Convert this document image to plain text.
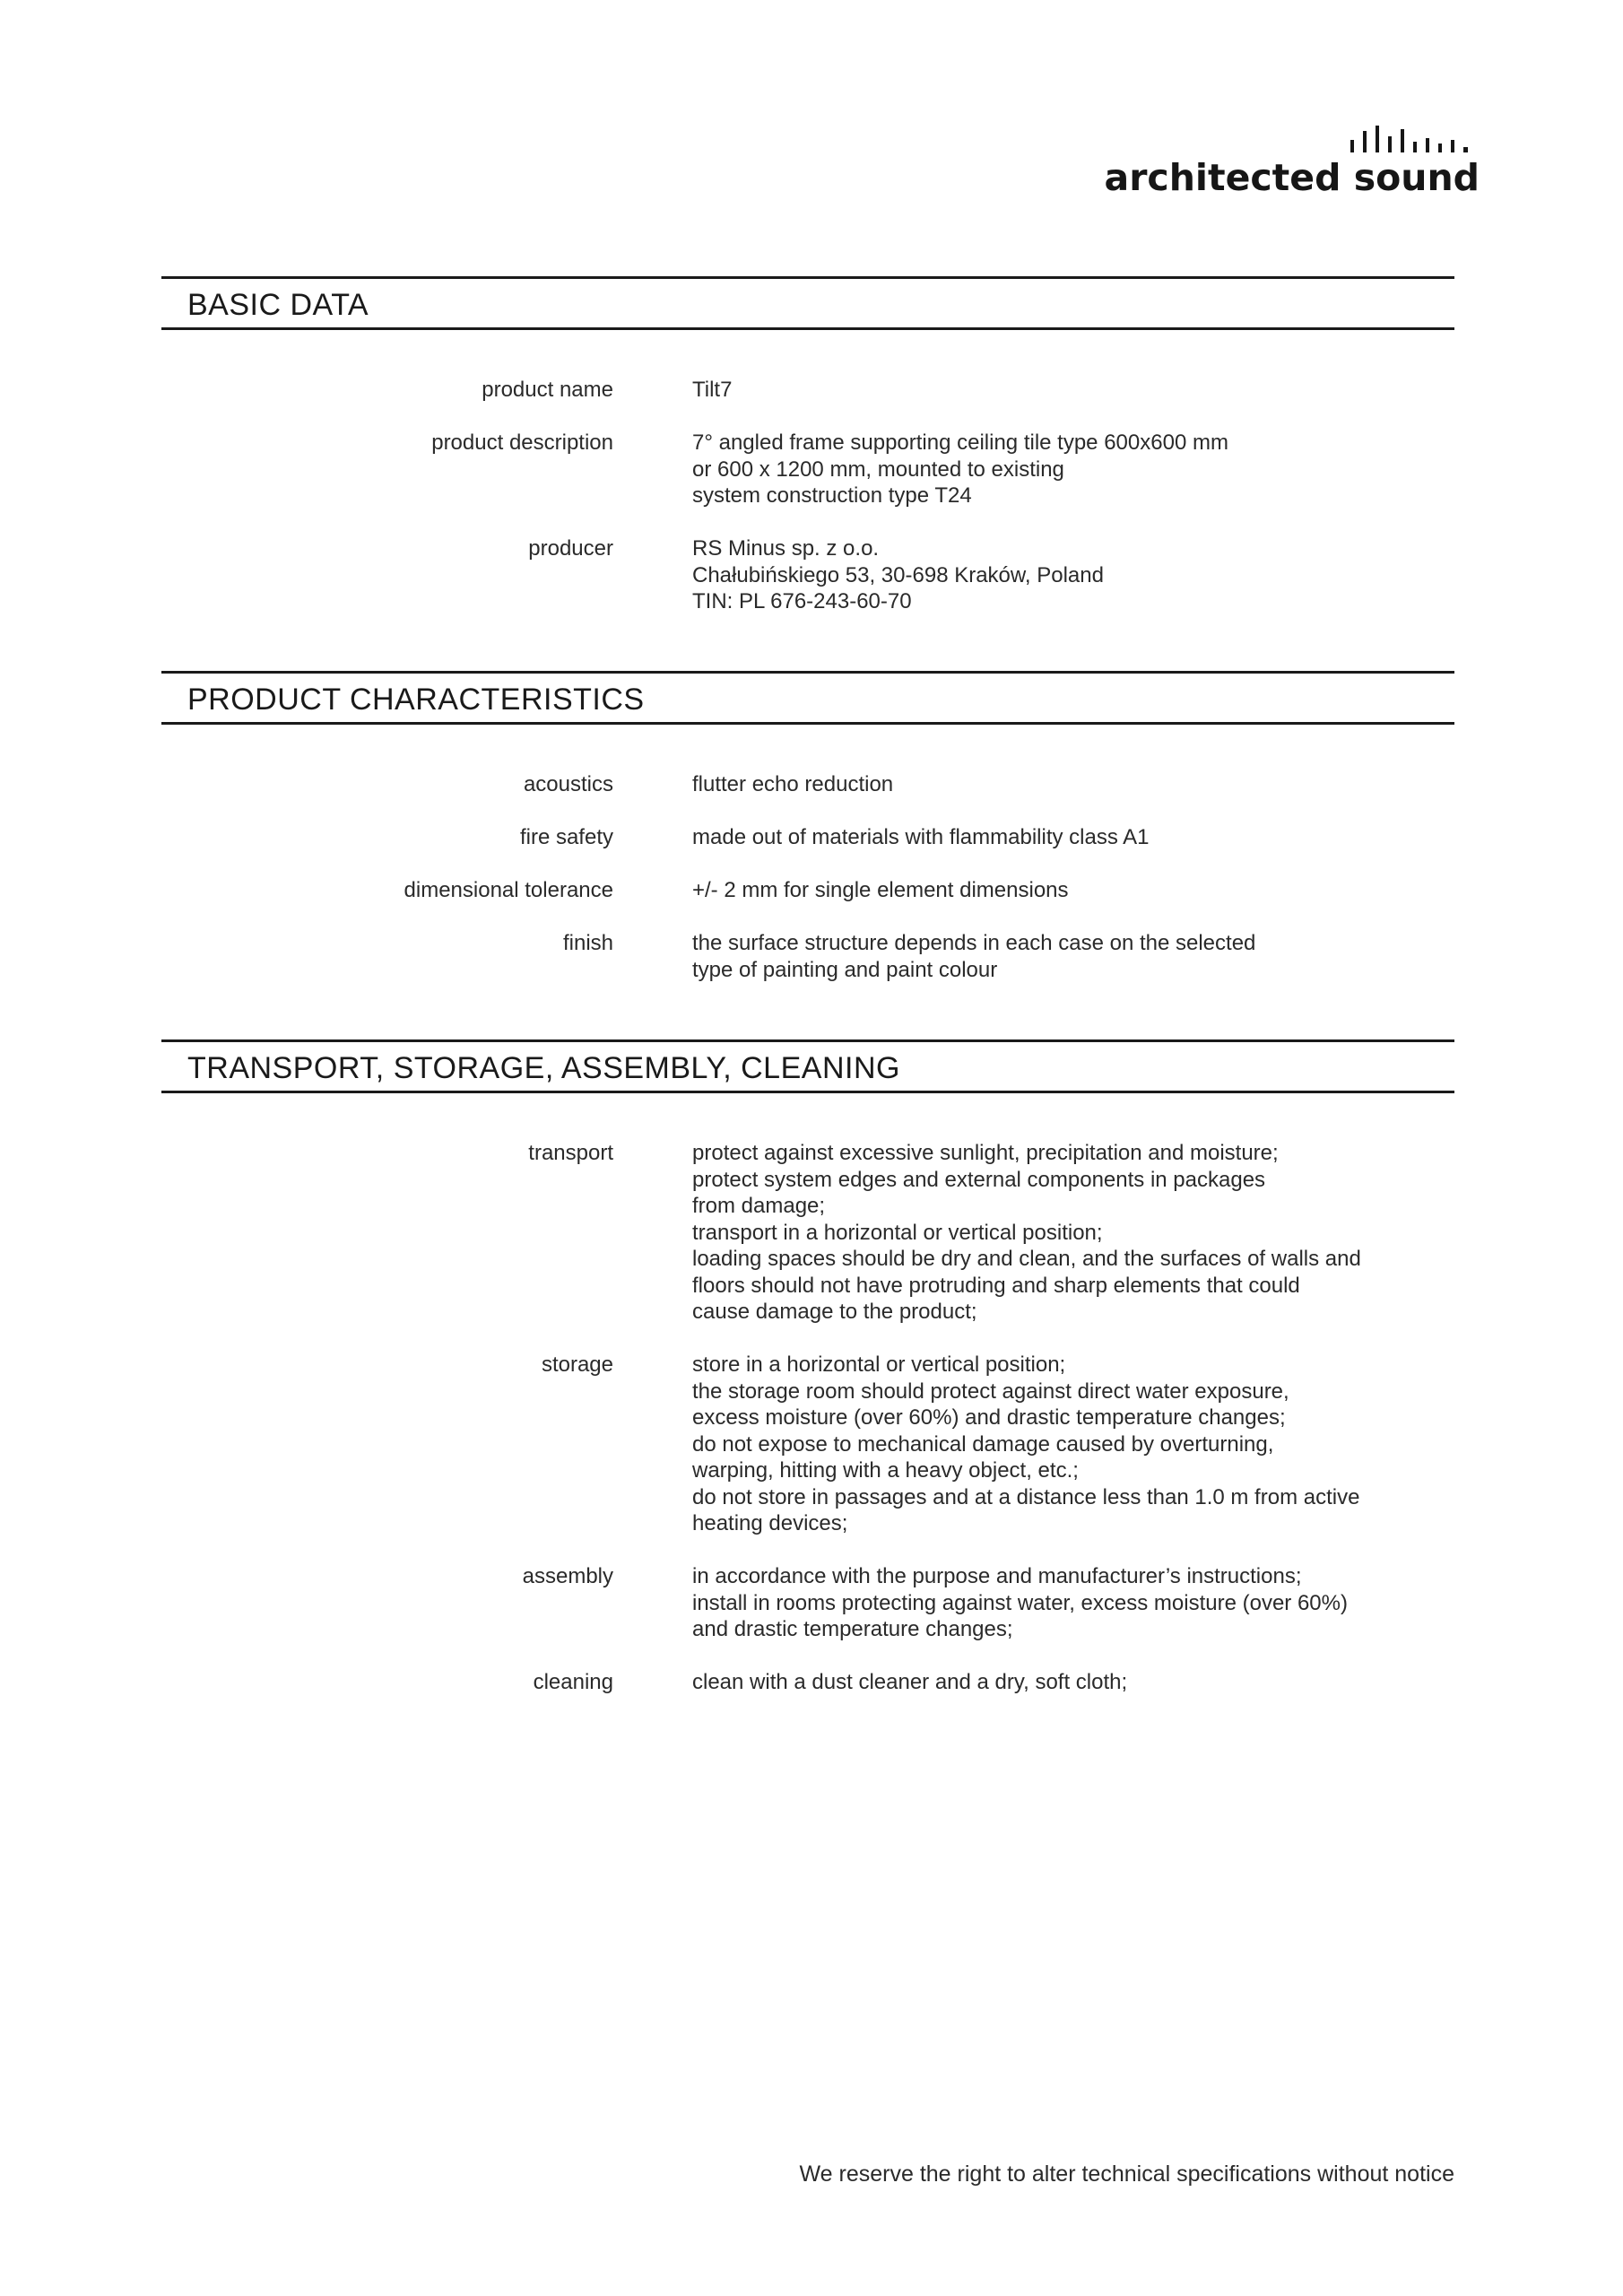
architected sound
BASIC DATA
product name	Tilt7
product description	7° angled frame supporting ceiling tile type 600x600 mm
or 600 x 1200 mm, mounted to existing
system construction type T24
producer	RS Minus sp. z o.o.
Chałubińskiego 53, 30-698 Kraków, Poland
TIN: PL 676-243-60-70
PRODUCT CHARACTERISTICS
acoustics	flutter echo reduction
fire safety	made out of materials with flammability class A1
dimensional tolerance	+/- 2 mm for single element dimensions
finish	the surface structure depends in each case on the selected
type of painting and paint colour
TRANSPORT, STORAGE, ASSEMBLY, CLEANING
transport	protect against excessive sunlight, precipitation and moisture;
protect system edges and external components in packages
from damage;
transport in a horizontal or vertical position;
loading spaces should be dry and clean, and the surfaces of walls and
floors should not have protruding and sharp elements that could
cause damage to the product;
storage	store in a horizontal or vertical position;
the storage room should protect against direct water exposure,
excess moisture (over 60%) and drastic temperature changes;
do not expose to mechanical damage caused by overturning,
warping, hitting with a heavy object, etc.;
do not store in passages and at a distance less than 1.0 m from active
heating devices;
assembly	in accordance with the purpose and manufacturer’s instructions;
install in rooms protecting against water, excess moisture (over 60%)
and drastic temperature changes;
cleaning	clean with a dust cleaner and a dry, soft cloth;
We reserve the right to alter technical specifications without notice
